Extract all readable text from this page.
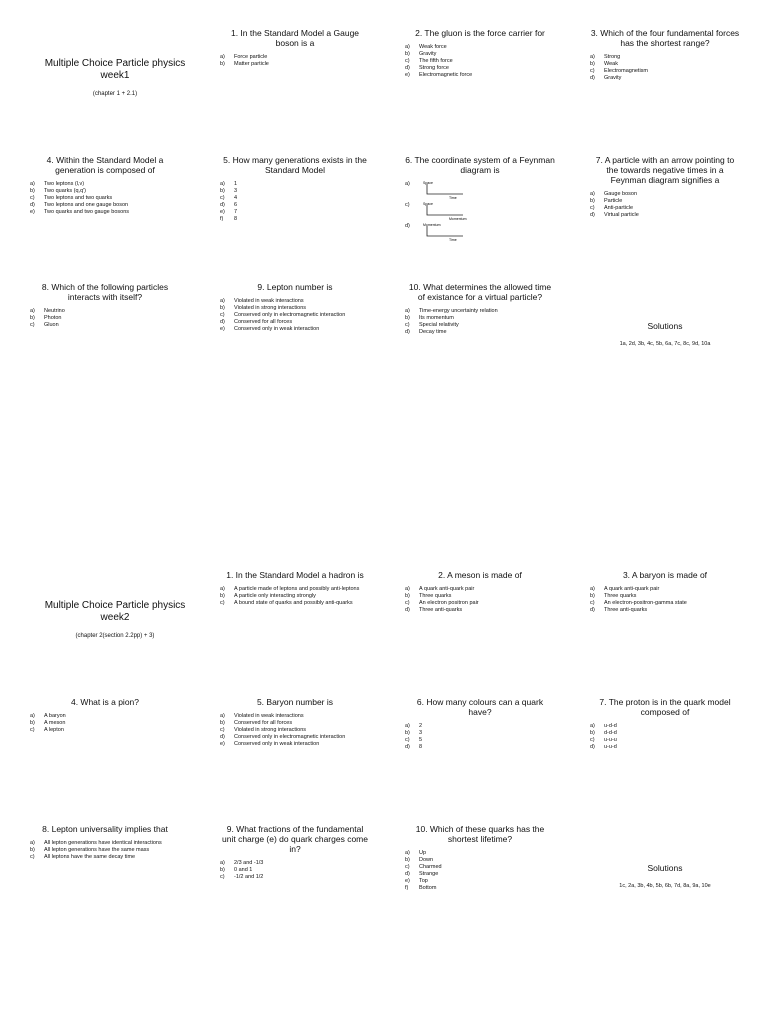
Multiple Choice Particle physics week1
(chapter 1 + 2.1)
1. In the Standard Model a Gauge boson is a
a)	Force particle
b)	Matter particle
2. The gluon is the force carrier for
a)	Weak force
b)	Gravity
c)	The fifth force
d)	Strong force
e)	Electromagnetic force
3. Which of the four fundamental forces has the shortest range?
a)	Strong
b)	Weak
c)	Electromagnetism
d)	Gravity
4. Within the Standard Model a generation is composed of
a)	Two leptons (l,ν)
b)	Two quarks (q,q')
c)	Two leptons and two quarks
d)	Two leptons and one gauge boson
e)	Two quarks and two gauge bosons
5. How many generations exists in the Standard Model
a)	1
b)	3
c)	4
d)	6
e)	7
f)	8
6. The coordinate system of a Feynman diagram is
a)	Space
Time
c)	Space
Momentum
d)	Momentum
Time
7. A particle with an arrow pointing to the towards negative times in a Feynman diagram signifies a
a)	Gauge boson
b)	Particle
c)	Anti-particle
d)	Virtual particle
8. Which of the following particles interacts with itself?
a)	Neutrino
b)	Photon
c)	Gluon
9. Lepton number is
a)	Violated in weak interactions
b)	Violated in strong interactions
c)	Conserved only in electromagnetic interaction
d)	Conserved for all forces
e)	Conserved only in weak interaction
10. What determines the allowed time of existance for a virtual particle?
a)	Time-energy uncertainty relation
b)	Its momentum
c)	Special relativity
d)	Decay time
Solutions
1a, 2d, 3b, 4c, 5b, 6a, 7c, 8c, 9d, 10a
Multiple Choice Particle physics week2
(chapter 2(section 2.2pp) + 3)
1. In the Standard Model a hadron is
a)	A particle made of leptons and possibly anti-leptons
b)	A particle only interacting strongly
c)	A bound state of quarks and possibly anti-quarks
2. A meson is made of
a)	A quark anti-quark pair
b)	Three quarks
c)	An electron positron pair
d)	Three anti-quarks
3. A baryon is made of
a)	A quark anti-quark pair
b)	Three quarks
c)	An electron-positron-gamma state
d)	Three anti-quarks
4. What is a pion?
a)	A baryon
b)	A meson
c)	A lepton
5. Baryon number is
a)	Violated in weak interactions
b)	Conserved for all forces
c)	Violated in strong interactions
d)	Conserved only in electromagnetic interaction
e)	Conserved only in weak interaction
6. How many colours can a quark have?
a)	2
b)	3
c)	5
d)	8
7. The proton is in the quark model composed of
a)	u-d-d
b)	d-d-d
c)	u-u-u
d)	u-u-d
8. Lepton universality implies that
a)	All lepton generations have identical interactions
b)	All lepton generations have the same mass
c)	All leptons have the same decay time
9. What fractions of the fundamental unit charge (e) do quark charges come in?
a)	2/3 and -1/3
b)	0 and 1
c)	-1/2 and 1/2
10. Which of these quarks has the shortest lifetime?
a)	Up
b)	Down
c)	Charmed
d)	Strange
e)	Top
f)	Bottom
Solutions
1c, 2a, 3b, 4b, 5b, 6b, 7d, 8a, 9a, 10e
